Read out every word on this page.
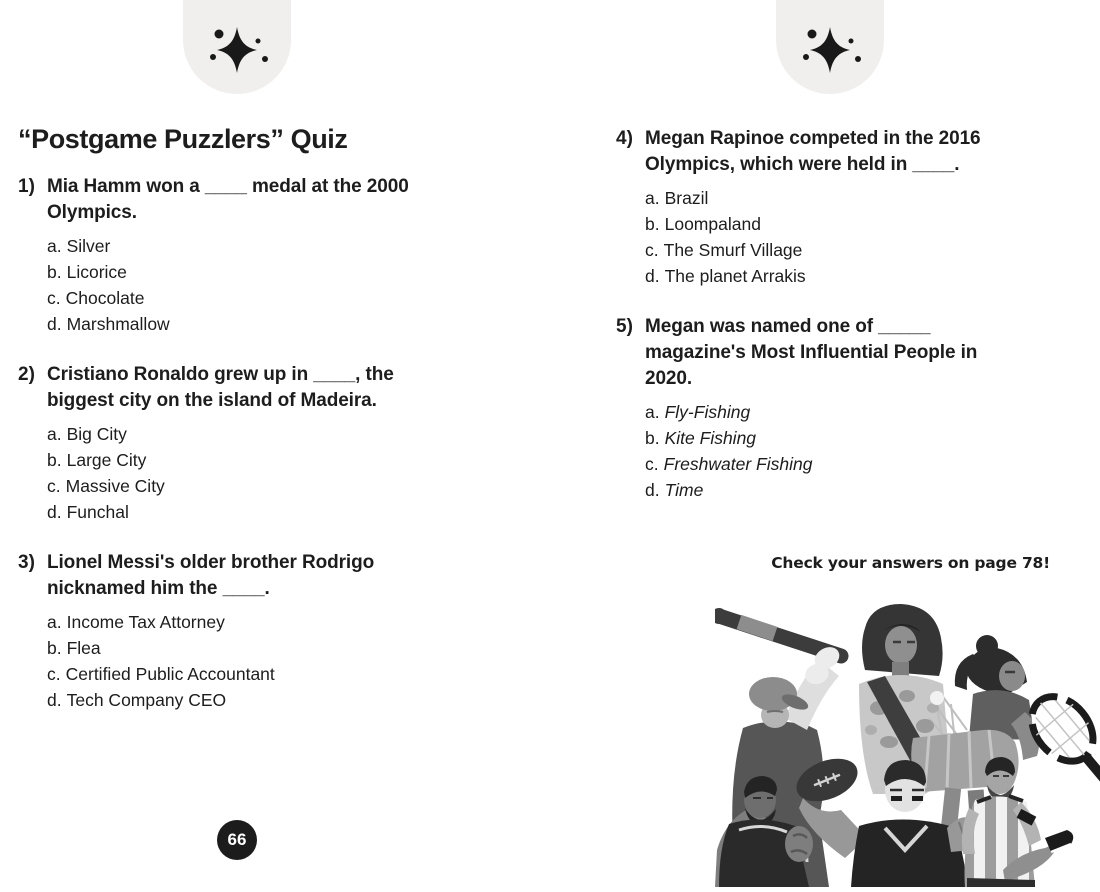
“Postgame Puzzlers” Quiz
1) Mia Hamm won a ____ medal at the 2000 Olympics.
a. Silver
b. Licorice
c. Chocolate
d. Marshmallow
2) Cristiano Ronaldo grew up in ____, the biggest city on the island of Madeira.
a. Big City
b. Large City
c. Massive City
d. Funchal
3) Lionel Messi's older brother Rodrigo nicknamed him the ____.
a. Income Tax Attorney
b. Flea
c. Certified Public Accountant
d. Tech Company CEO
4) Megan Rapinoe competed in the 2016 Olympics, which were held in ____.
a. Brazil
b. Loompaland
c. The Smurf Village
d. The planet Arrakis
5) Megan was named one of _____ magazine's Most Influential People in 2020.
a. Fly-Fishing
b. Kite Fishing
c. Freshwater Fishing
d. Time
Check your answers on page 78!
66
